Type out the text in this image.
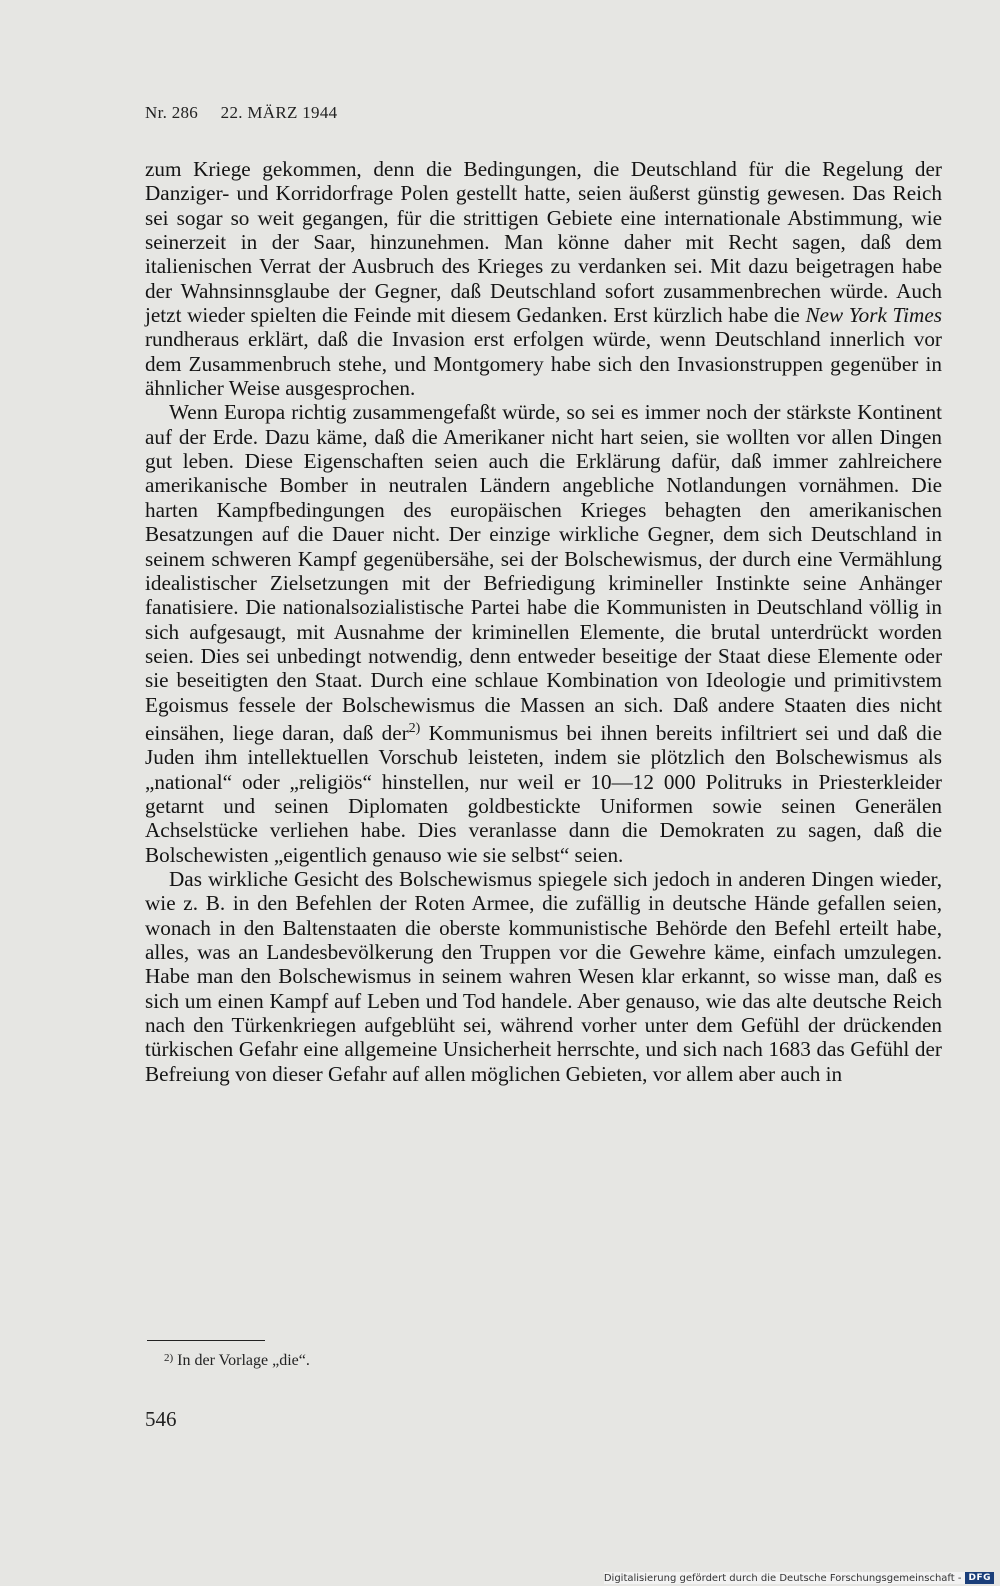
Nr. 286 22. MÄRZ 1944

zum Kriege gekommen, denn die Bedingungen, die Deutschland für die Regelung der Danziger- und Korridorfrage Polen gestellt hatte, seien äußerst günstig gewesen. Das Reich sei sogar so weit gegangen, für die strittigen Gebiete eine internationale Abstimmung, wie seinerzeit in der Saar, hinzunehmen. Man könne daher mit Recht sagen, daß dem italienischen Verrat der Ausbruch des Krieges zu verdanken sei. Mit dazu beigetragen habe der Wahnsinnsglaube der Gegner, daß Deutschland sofort zusammenbrechen würde. Auch jetzt wieder spielten die Feinde mit diesem Gedanken. Erst kürzlich habe die New York Times rundheraus erklärt, daß die Invasion erst erfolgen würde, wenn Deutschland innerlich vor dem Zusammenbruch stehe, und Montgomery habe sich den Invasionstruppen gegenüber in ähnlicher Weise ausgesprochen.

Wenn Europa richtig zusammengefaßt würde, so sei es immer noch der stärkste Kontinent auf der Erde. Dazu käme, daß die Amerikaner nicht hart seien, sie wollten vor allen Dingen gut leben. Diese Eigenschaften seien auch die Erklärung dafür, daß immer zahlreichere amerikanische Bomber in neutralen Ländern angebliche Notlandungen vornähmen. Die harten Kampfbedingungen des europäischen Krieges behagten den amerikanischen Besatzungen auf die Dauer nicht. Der einzige wirkliche Gegner, dem sich Deutschland in seinem schweren Kampf gegenübersähe, sei der Bolschewismus, der durch eine Vermählung idealistischer Zielsetzungen mit der Befriedigung krimineller Instinkte seine Anhänger fanatisiere. Die nationalsozialistische Partei habe die Kommunisten in Deutschland völlig in sich aufgesaugt, mit Ausnahme der kriminellen Elemente, die brutal unterdrückt worden seien. Dies sei unbedingt notwendig, denn entweder beseitige der Staat diese Elemente oder sie beseitigten den Staat. Durch eine schlaue Kombination von Ideologie und primitivstem Egoismus fessele der Bolschewismus die Massen an sich. Daß andere Staaten dies nicht einsähen, liege daran, daß der$^{2)}$ Kommunismus bei ihnen bereits infiltriert sei und daß die Juden ihm intellektuellen Vorschub leisteten, indem sie plötzlich den Bolschewismus als „national“ oder „religiös“ hinstellen, nur weil er 10—12 000 Politruks in Priesterkleider getarnt und seinen Diplomaten goldbestickte Uniformen sowie seinen Generälen Achselstücke verliehen habe. Dies veranlasse dann die Demokraten zu sagen, daß die Bolschewisten „eigentlich genauso wie sie selbst“ seien.

Das wirkliche Gesicht des Bolschewismus spiegele sich jedoch in anderen Dingen wieder, wie z. B. in den Befehlen der Roten Armee, die zufällig in deutsche Hände gefallen seien, wonach in den Baltenstaaten die oberste kommunistische Behörde den Befehl erteilt habe, alles, was an Landesbevölkerung den Truppen vor die Gewehre käme, einfach umzulegen. Habe man den Bolschewismus in seinem wahren Wesen klar erkannt, so wisse man, daß es sich um einen Kampf auf Leben und Tod handele. Aber genauso, wie das alte deutsche Reich nach den Türkenkriegen aufgeblüht sei, während vorher unter dem Gefühl der drückenden türkischen Gefahr eine allgemeine Unsicherheit herrschte, und sich nach 1683 das Gefühl der Befreiung von dieser Gefahr auf allen möglichen Gebieten, vor allem aber auch in

$^{2)}$ In der Vorlage „die“.
546
Digitalisierung gefördert durch die Deutsche Forschungsgemeinschaft - DFG
